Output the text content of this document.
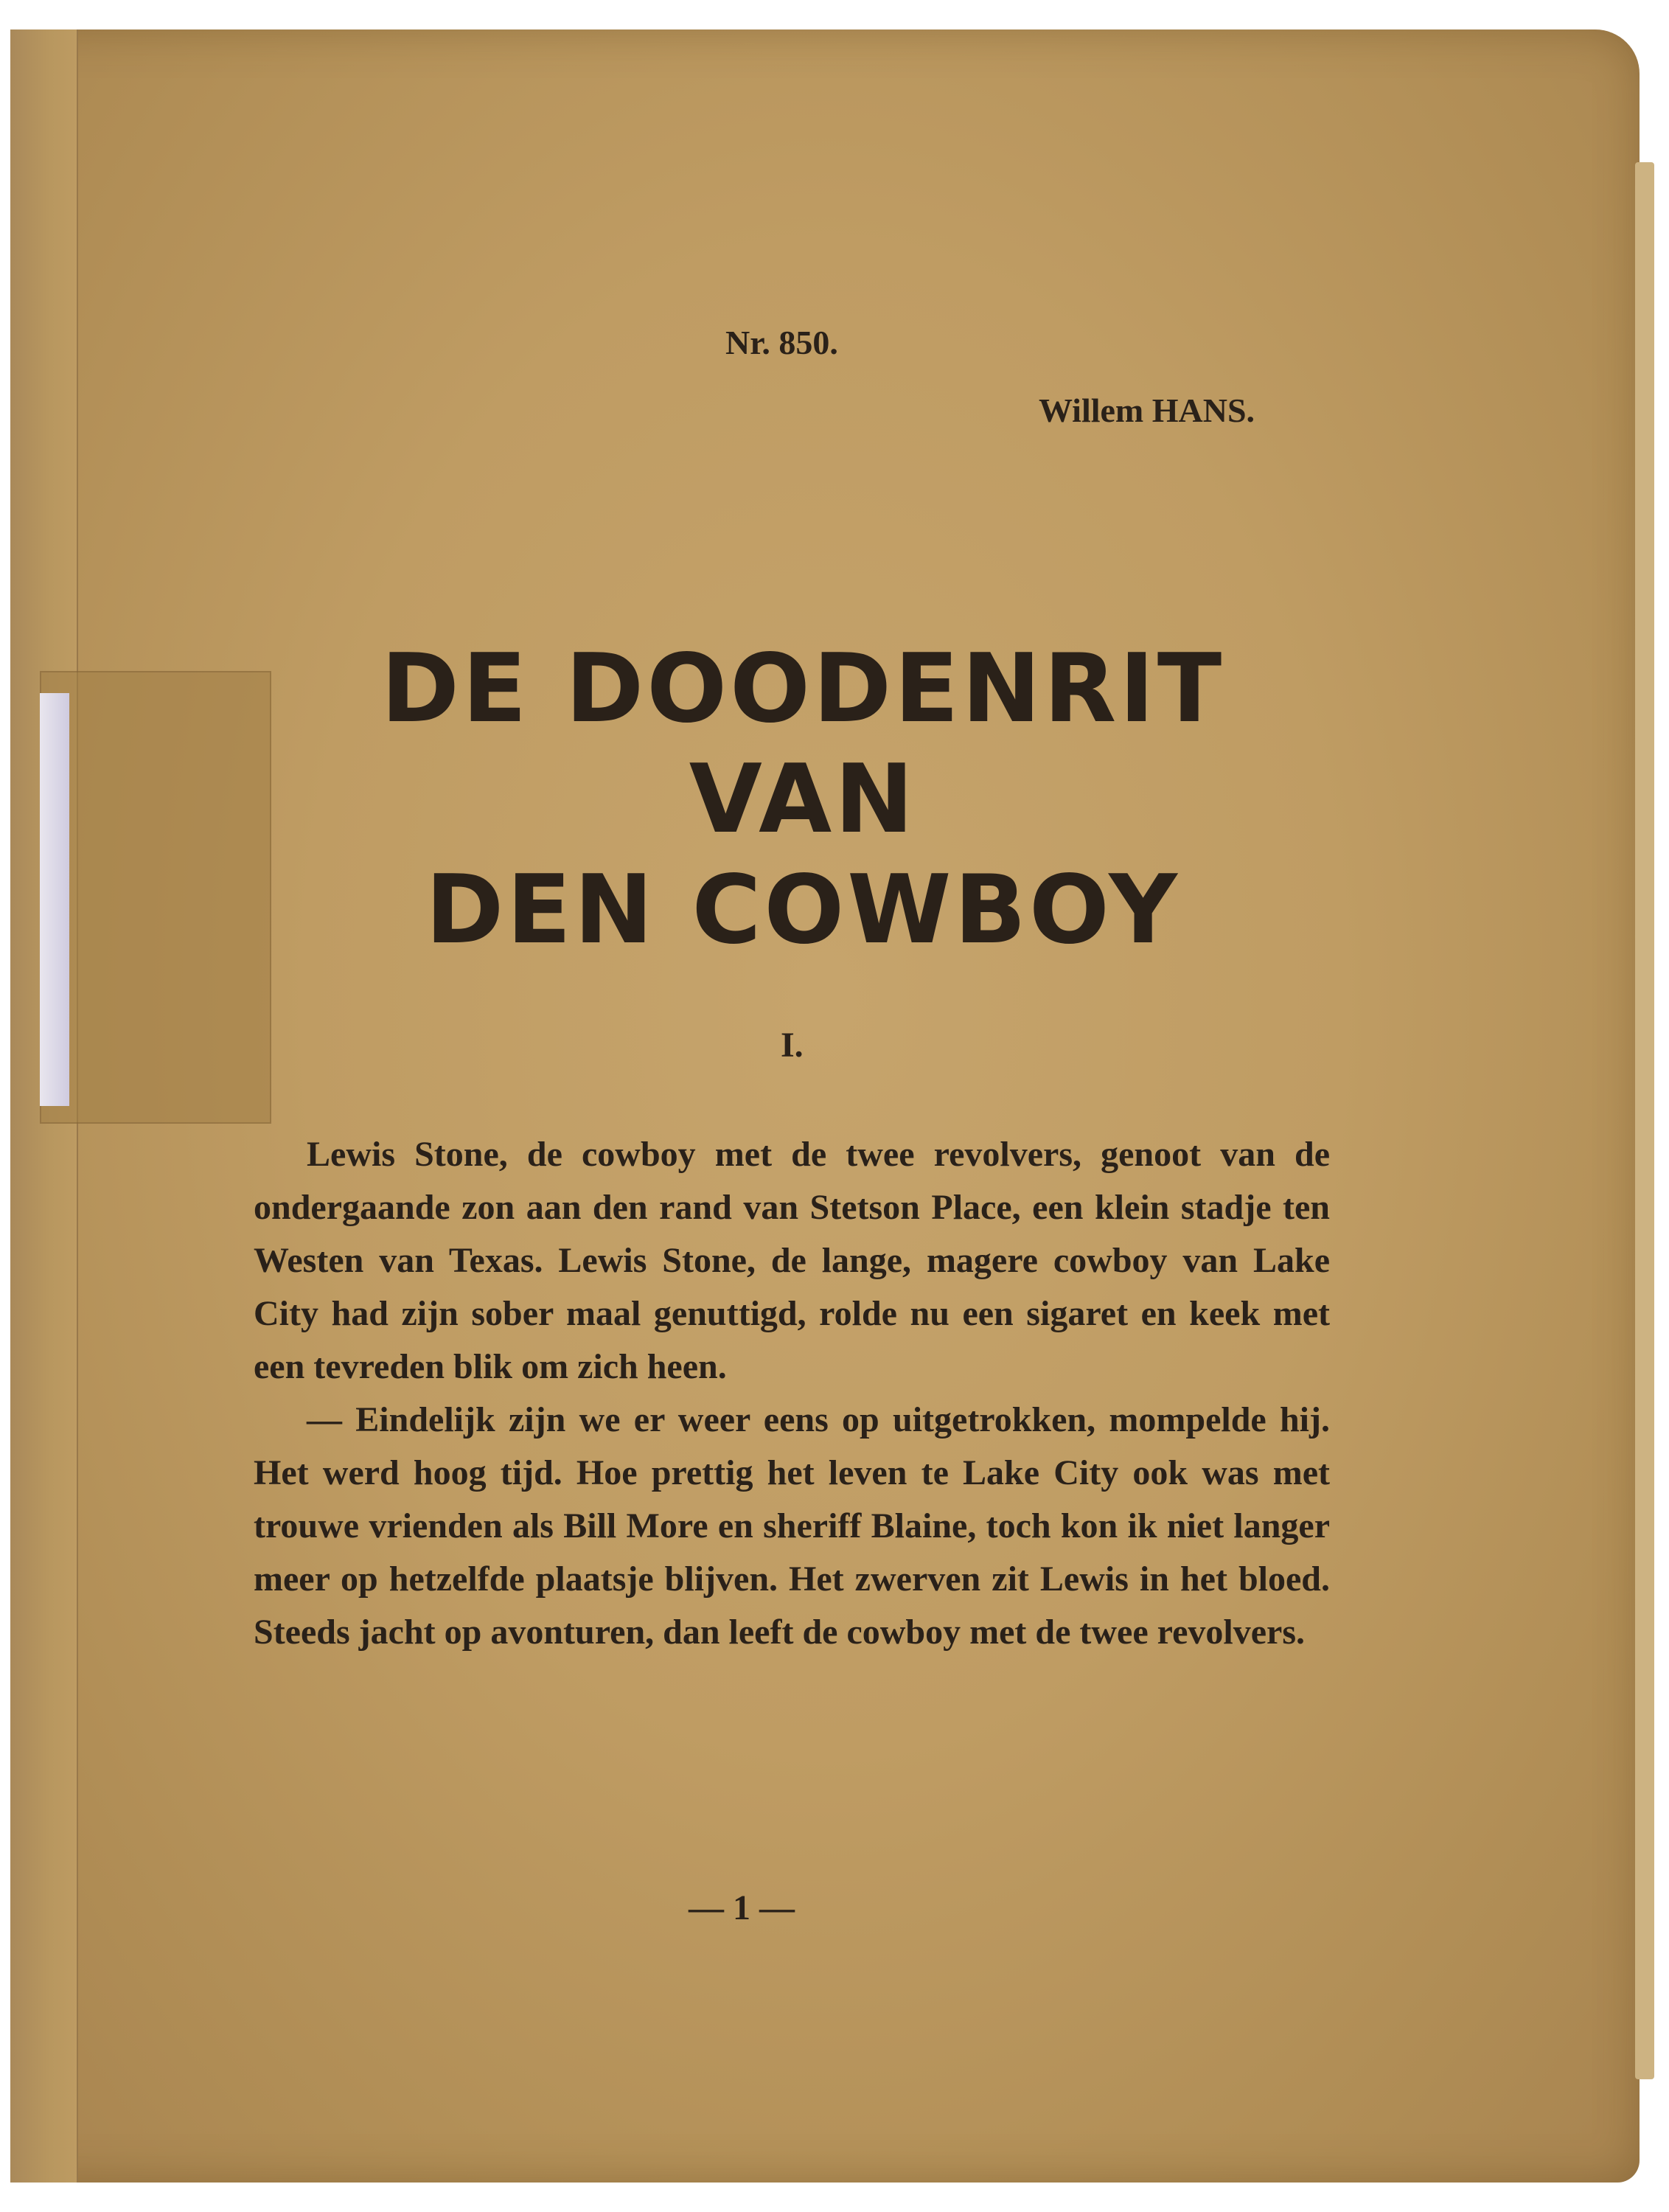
Nr. 850.
Willem HANS.
DE DOODENRIT VAN
DEN COWBOY
I.

Lewis Stone, de cowboy met de twee revolvers, genoot van de ondergaande zon aan den rand van Stetson Place, een klein stadje ten Westen van Texas. Lewis Stone, de lange, magere cowboy van Lake City had zijn sober maal genuttigd, rolde nu een sigaret en keek met een tevreden blik om zich heen.

— Eindelijk zijn we er weer eens op uitgetrokken, mompelde hij. Het werd hoog tijd. Hoe prettig het leven te Lake City ook was met trouwe vrienden als Bill More en sheriff Blaine, toch kon ik niet langer meer op hetzelfde plaatsje blijven. Het zwerven zit Lewis in het bloed. Steeds jacht op avonturen, dan leeft de cowboy met de twee revolvers.

— 1 —
